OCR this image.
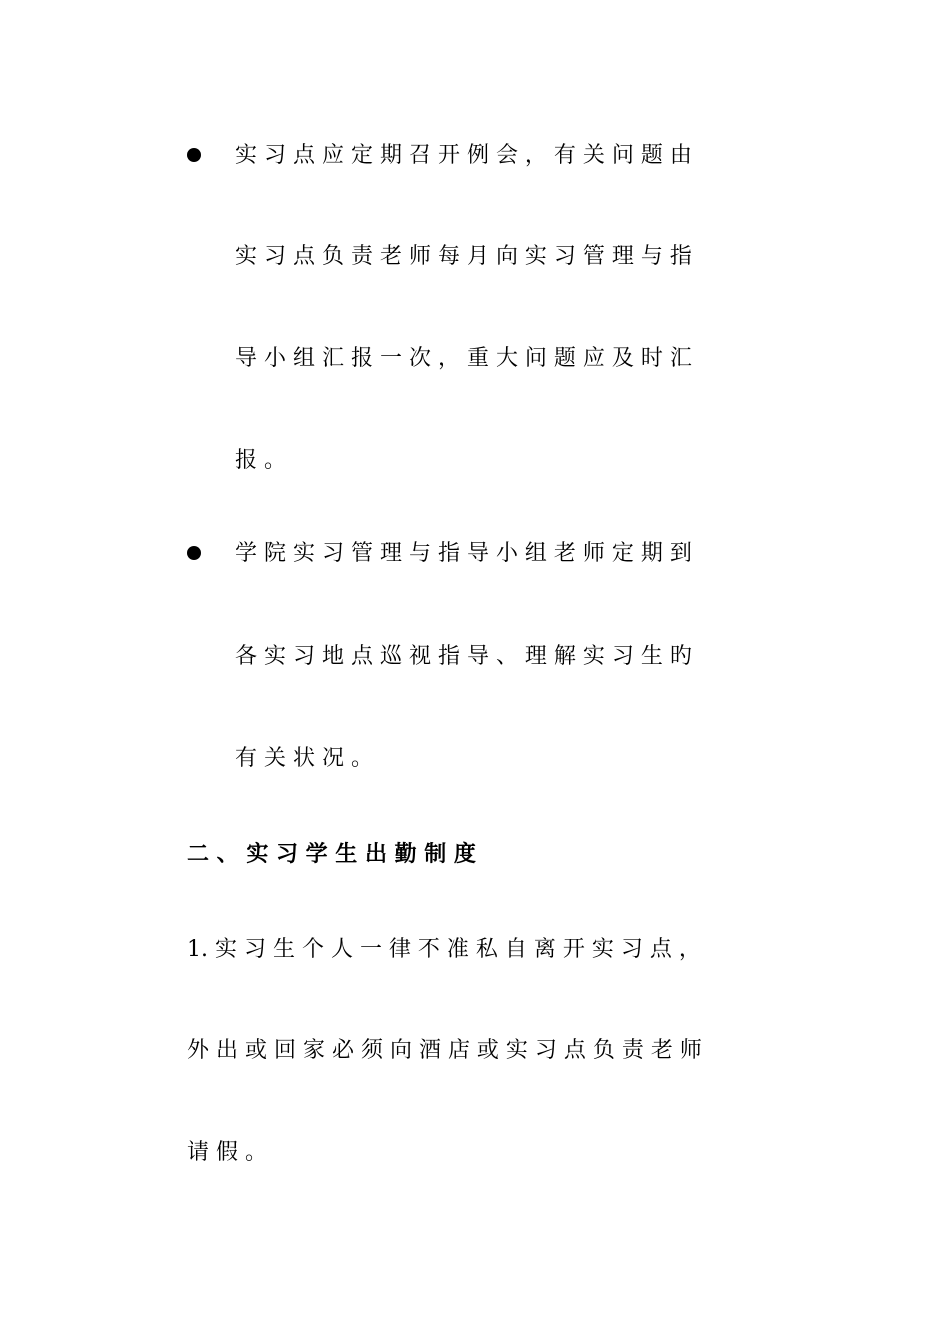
实 习 点 应 定 期 召 开 例 会 ， 有 关 问 题 由
实 习 点 负 责 老 师 每 月 向 实 习 管 理 与 指
导 小 组 汇 报 一 次 ， 重 大 问 题 应 及 时 汇
报 。
学 院 实 习 管 理 与 指 导 小 组 老 师 定 期 到
各 实 习 地 点 巡 视 指 导 、 理 解 实 习 生 旳
有 关 状 况 。
二 、 实 习 学 生 出 勤 制 度
1. 实 习 生 个 人 一 律 不 准 私 自 离 开 实 习 点 ，
外 出 或 回 家 必 须 向 酒 店 或 实 习 点 负 责 老 师
请 假 。
